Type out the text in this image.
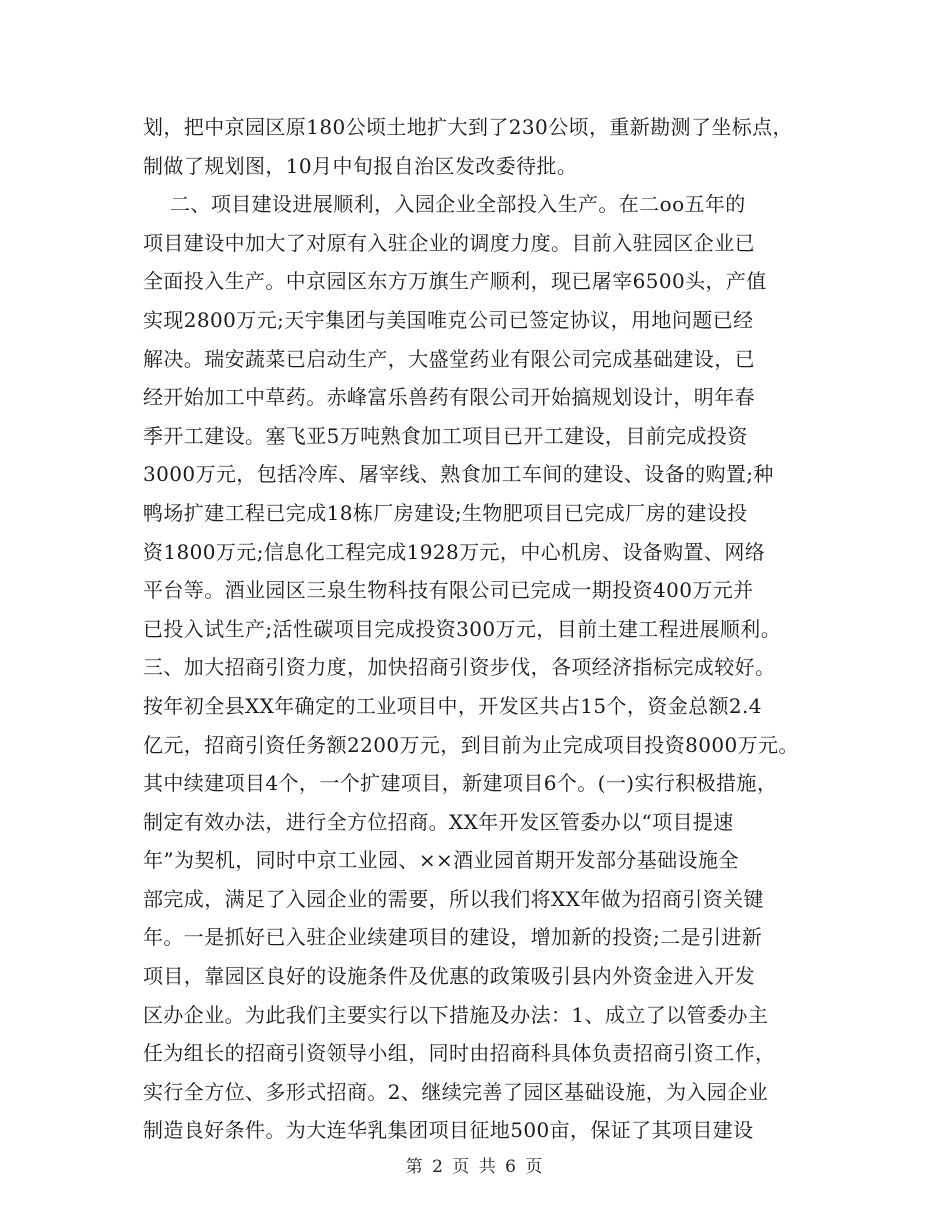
划，把中京园区原180公顷土地扩大到了230公顷，重新勘测了坐标点，
制做了规划图，10月中旬报自治区发改委待批。
二、项目建设进展顺利，入园企业全部投入生产。在二oo五年的
项目建设中加大了对原有入驻企业的调度力度。目前入驻园区企业已
全面投入生产。中京园区东方万旗生产顺利，现已屠宰6500头，产值
实现2800万元;天宇集团与美国唯克公司已签定协议，用地问题已经
解决。瑞安蔬菜已启动生产，大盛堂药业有限公司完成基础建设，已
经开始加工中草药。赤峰富乐兽药有限公司开始搞规划设计，明年春
季开工建设。塞飞亚5万吨熟食加工项目已开工建设，目前完成投资
3000万元，包括冷库、屠宰线、熟食加工车间的建设、设备的购置;种
鸭场扩建工程已完成18栋厂房建设;生物肥项目已完成厂房的建设投
资1800万元;信息化工程完成1928万元，中心机房、设备购置、网络
平台等。酒业园区三泉生物科技有限公司已完成一期投资400万元并
已投入试生产;活性碳项目完成投资300万元，目前土建工程进展顺利。
三、加大招商引资力度，加快招商引资步伐，各项经济指标完成较好。
按年初全县XX年确定的工业项目中，开发区共占15个，资金总额2.4
亿元，招商引资任务额2200万元，到目前为止完成项目投资8000万元。
其中续建项目4个，一个扩建项目，新建项目6个。(一)实行积极措施，
制定有效办法，进行全方位招商。XX年开发区管委办以“项目提速
年”为契机，同时中京工业园、××酒业园首期开发部分基础设施全
部完成，满足了入园企业的需要，所以我们将XX年做为招商引资关键
年。一是抓好已入驻企业续建项目的建设，增加新的投资;二是引进新
项目，靠园区良好的设施条件及优惠的政策吸引县内外资金进入开发
区办企业。为此我们主要实行以下措施及办法：1、成立了以管委办主
任为组长的招商引资领导小组，同时由招商科具体负责招商引资工作，
实行全方位、多形式招商。2、继续完善了园区基础设施，为入园企业
制造良好条件。为大连华乳集团项目征地500亩，保证了其项目建设
第 2 页 共 6 页
